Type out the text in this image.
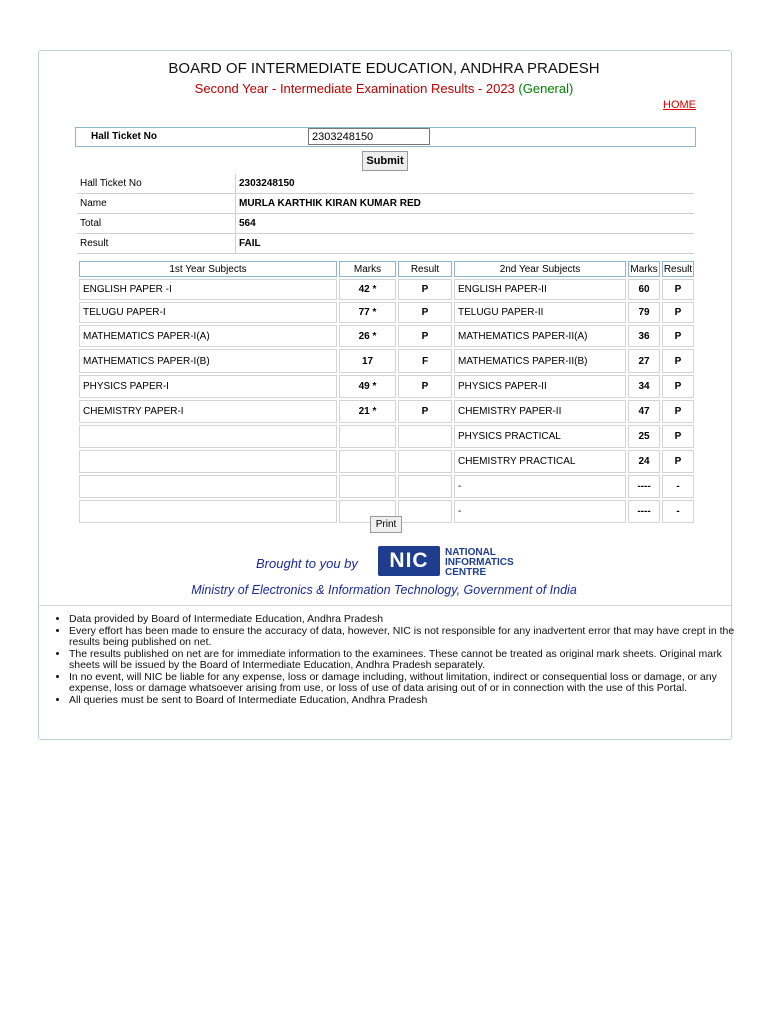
BOARD OF INTERMEDIATE EDUCATION, ANDHRA PRADESH
Second Year - Intermediate Examination Results - 2023 (General)
HOME
Hall Ticket No
2303248150
Submit
Hall Ticket No	2303248150
Name	MURLA KARTHIK KIRAN KUMAR RED
Total	564
Result	FAIL
1st Year Subjects	Marks	Result	2nd Year Subjects	Marks	Result
ENGLISH PAPER -I	42 *	P	ENGLISH PAPER-II	60	P
TELUGU PAPER-I	77 *	P	TELUGU PAPER-II	79	P
MATHEMATICS PAPER-I(A)	26 *	P	MATHEMATICS PAPER-II(A)	36	P
MATHEMATICS PAPER-I(B)	17	F	MATHEMATICS PAPER-II(B)	27	P
PHYSICS PAPER-I	49 *	P	PHYSICS PAPER-II	34	P
CHEMISTRY PAPER-I	21 *	P	CHEMISTRY PAPER-II	47	P
			PHYSICS PRACTICAL	25	P
			CHEMISTRY PRACTICAL	24	P
			-	----	-
			-	----	-
Print
Brought to you by	NIC	NATIONAL
INFORMATICS
CENTRE
Ministry of Electronics & Information Technology, Government of India
• Data provided by Board of Intermediate Education, Andhra Pradesh
• Every effort has been made to ensure the accuracy of data, however, NIC is not responsible for any inadvertent error that may have crept in the results being published on net.
• The results published on net are for immediate information to the examinees. These cannot be treated as original mark sheets. Original mark sheets will be issued by the Board of Intermediate Education, Andhra Pradesh separately.
• In no event, will NIC be liable for any expense, loss or damage including, without limitation, indirect or consequential loss or damage, or any expense, loss or damage whatsoever arising from use, or loss of use of data arising out of or in connection with the use of this Portal.
• All queries must be sent to Board of Intermediate Education, Andhra Pradesh
